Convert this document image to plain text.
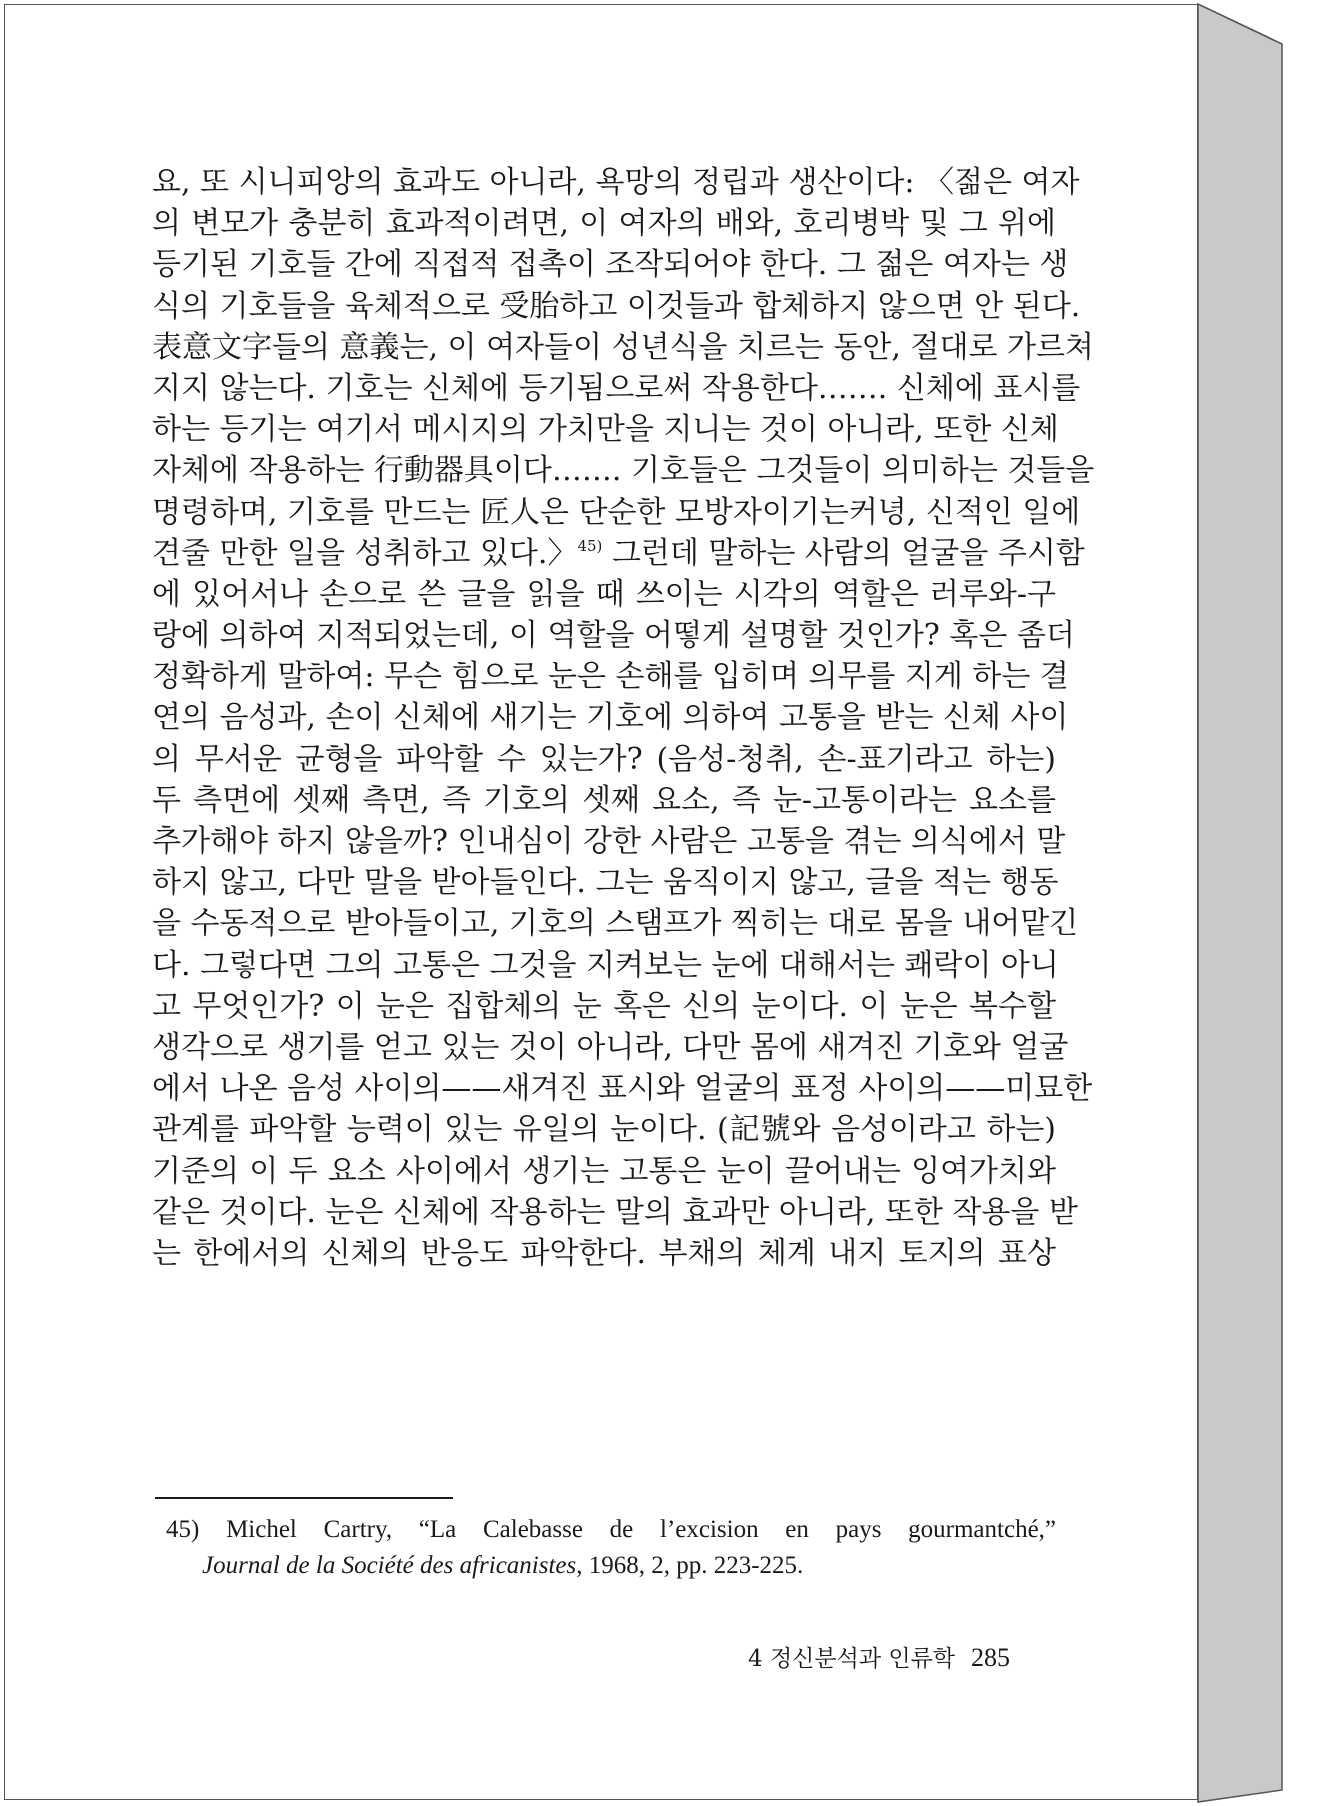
요, 또 시니피앙의 효과도 아니라, 욕망의 정립과 생산이다: 〈젊은 여자
의 변모가 충분히 효과적이려면, 이 여자의 배와, 호리병박 및 그 위에
등기된 기호들 간에 직접적 접촉이 조작되어야 한다. 그 젊은 여자는 생
식의 기호들을 육체적으로 受胎하고 이것들과 합체하지 않으면 안 된다.
表意文字들의 意義는, 이 여자들이 성년식을 치르는 동안, 절대로 가르쳐
지지 않는다. 기호는 신체에 등기됨으로써 작용한다……. 신체에 표시를
하는 등기는 여기서 메시지의 가치만을 지니는 것이 아니라, 또한 신체
자체에 작용하는 行動器具이다……. 기호들은 그것들이 의미하는 것들을
명령하며, 기호를 만드는 匠人은 단순한 모방자이기는커녕, 신적인 일에
견줄 만한 일을 성취하고 있다.〉$^{45)}$ 그런데 말하는 사람의 얼굴을 주시함
에 있어서나 손으로 쓴 글을 읽을 때 쓰이는 시각의 역할은 러루와-구
랑에 의하여 지적되었는데, 이 역할을 어떻게 설명할 것인가? 혹은 좀더
정확하게 말하여: 무슨 힘으로 눈은 손해를 입히며 의무를 지게 하는 결
연의 음성과, 손이 신체에 새기는 기호에 의하여 고통을 받는 신체 사이
의 무서운 균형을 파악할 수 있는가? (음성-청취, 손-표기라고 하는)
두 측면에 셋째 측면, 즉 기호의 셋째 요소, 즉 눈-고통이라는 요소를
추가해야 하지 않을까? 인내심이 강한 사람은 고통을 겪는 의식에서 말
하지 않고, 다만 말을 받아들인다. 그는 움직이지 않고, 글을 적는 행동
을 수동적으로 받아들이고, 기호의 스탬프가 찍히는 대로 몸을 내어맡긴
다. 그렇다면 그의 고통은 그것을 지켜보는 눈에 대해서는 쾌락이 아니
고 무엇인가? 이 눈은 집합체의 눈 혹은 신의 눈이다. 이 눈은 복수할
생각으로 생기를 얻고 있는 것이 아니라, 다만 몸에 새겨진 기호와 얼굴
에서 나온 음성 사이의——새겨진 표시와 얼굴의 표정 사이의——미묘한
관계를 파악할 능력이 있는 유일의 눈이다. (記號와 음성이라고 하는)
기준의 이 두 요소 사이에서 생기는 고통은 눈이 끌어내는 잉여가치와
같은 것이다. 눈은 신체에 작용하는 말의 효과만 아니라, 또한 작용을 받
는 한에서의 신체의 반응도 파악한다. 부채의 체계 내지 토지의 표상
45) Michel Cartry, “La Calebasse de l’excision en pays gourmantché,”
Journal de la Société des africanistes, 1968, 2, pp. 223-225.
4 정신분석과 인류학 285
